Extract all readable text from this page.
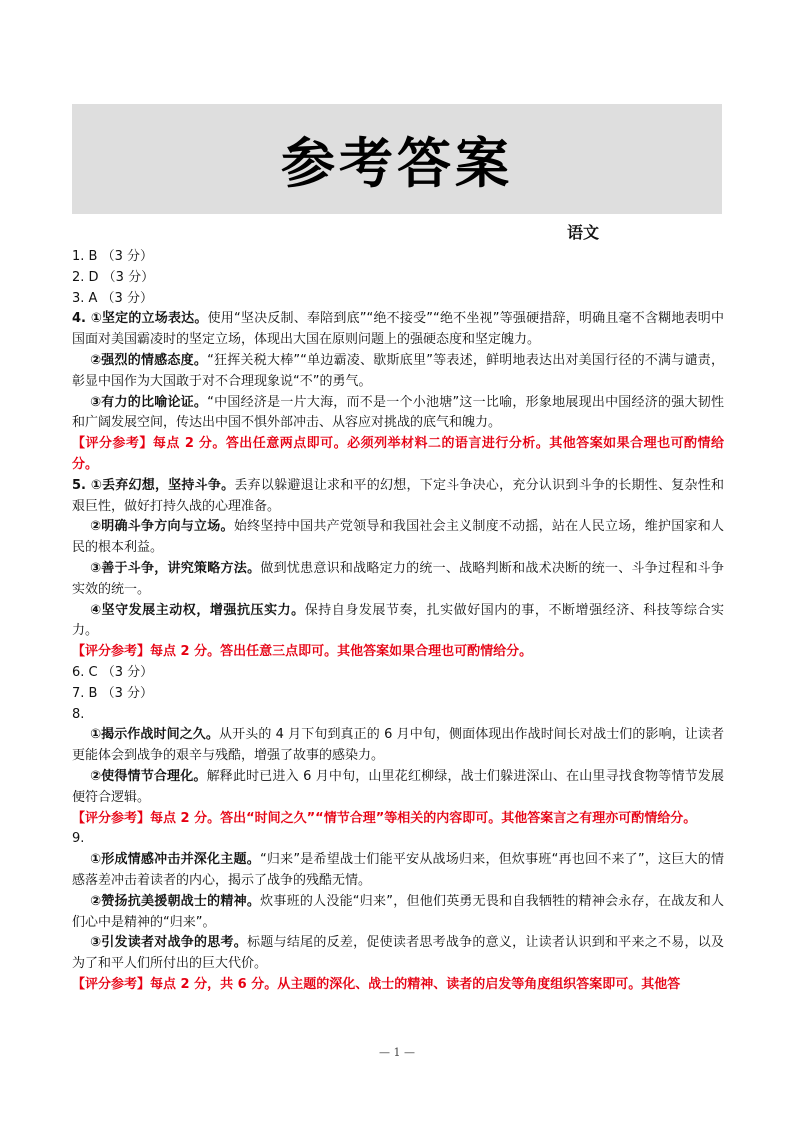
参考答案
语文
1. B （3 分）
2. D （3 分）
3. A （3 分）
4. ①坚定的立场表达。使用“坚决反制、奉陪到底”“绝不接受”“绝不坐视”等强硬措辞，明确且毫不含糊地表明中国面对美国霸凌时的坚定立场，体现出大国在原则问题上的强硬态度和坚定魄力。
②强烈的情感态度。“狂挥关税大棒”“单边霸凌、歇斯底里”等表述，鲜明地表达出对美国行径的不满与谴责，彰显中国作为大国敢于对不合理现象说“不”的勇气。
③有力的比喻论证。“中国经济是一片大海，而不是一个小池塘”这一比喻，形象地展现出中国经济的强大韧性和广阔发展空间，传达出中国不惧外部冲击、从容应对挑战的底气和魄力。
【评分参考】每点 2 分。答出任意两点即可。必须列举材料二的语言进行分析。其他答案如果合理也可酌情给分。
5. ①丢弃幻想，坚持斗争。丢弃以躲避退让求和平的幻想，下定斗争决心，充分认识到斗争的长期性、复杂性和艰巨性，做好打持久战的心理准备。
②明确斗争方向与立场。始终坚持中国共产党领导和我国社会主义制度不动摇，站在人民立场，维护国家和人民的根本利益。
③善于斗争，讲究策略方法。做到忧患意识和战略定力的统一、战略判断和战术决断的统一、斗争过程和斗争实效的统一。
④坚守发展主动权，增强抗压实力。保持自身发展节奏，扎实做好国内的事，不断增强经济、科技等综合实力。
【评分参考】每点 2 分。答出任意三点即可。其他答案如果合理也可酌情给分。
6. C （3 分）
7. B （3 分）
8.
①揭示作战时间之久。从开头的 4 月下旬到真正的 6 月中旬，侧面体现出作战时间长对战士们的影响，让读者更能体会到战争的艰辛与残酷，增强了故事的感染力。
②使得情节合理化。解释此时已进入 6 月中旬，山里花红柳绿，战士们躲进深山、在山里寻找食物等情节发展便符合逻辑。
【评分参考】每点 2 分。答出“时间之久”“情节合理”等相关的内容即可。其他答案言之有理亦可酌情给分。
9.
①形成情感冲击并深化主题。“归来”是希望战士们能平安从战场归来，但炊事班“再也回不来了”，这巨大的情感落差冲击着读者的内心，揭示了战争的残酷无情。
②赞扬抗美援朝战士的精神。炊事班的人没能“归来”，但他们英勇无畏和自我牺牲的精神会永存，在战友和人们心中是精神的“归来”。
③引发读者对战争的思考。标题与结尾的反差，促使读者思考战争的意义，让读者认识到和平来之不易，以及为了和平人们所付出的巨大代价。
【评分参考】每点 2 分，共 6 分。从主题的深化、战士的精神、读者的启发等角度组织答案即可。其他答
— 1 —
